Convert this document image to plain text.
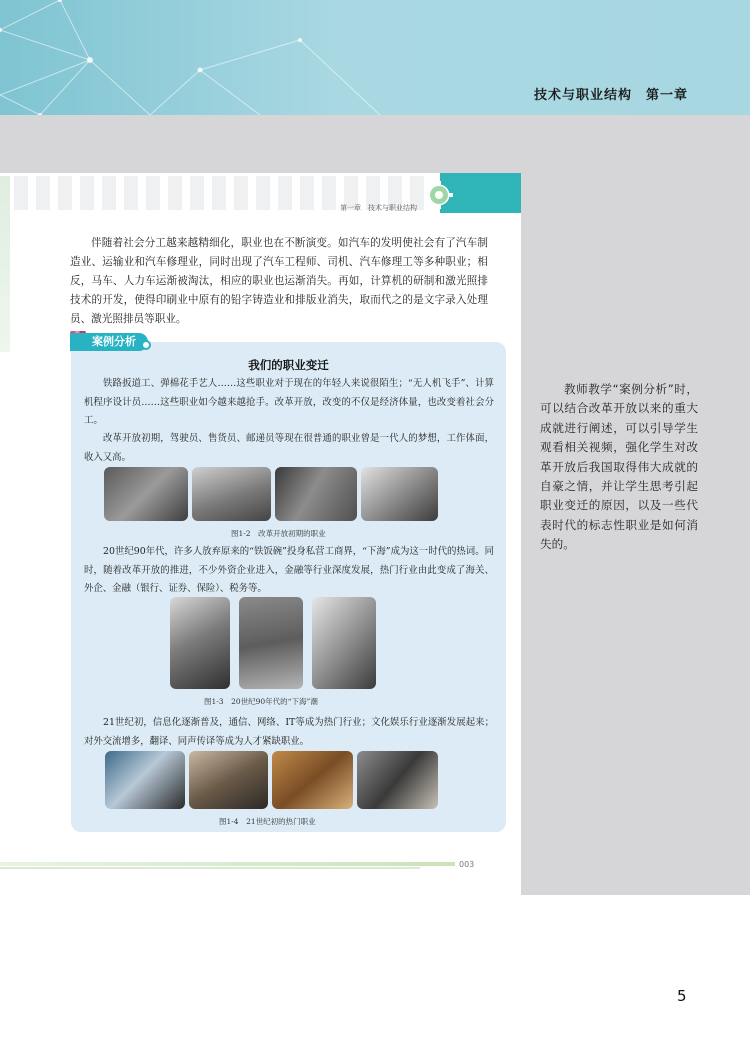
技术与职业结构　第一章
第一章　技术与职业结构
伴随着社会分工越来越精细化，职业也在不断演变。如汽车的发明使社会有了汽车制造业、运输业和汽车修理业，同时出现了汽车工程师、司机、汽车修理工等多种职业；相反，马车、人力车运渐被淘汰，相应的职业也运渐消失。再如，计算机的研制和激光照排技术的开发，使得印刷业中原有的铅字铸造业和排版业消失，取而代之的是文字录入处理员、激光照排员等职业。
案例分析
我们的职业变迁
铁路扳道工、弹棉花手艺人……这些职业对于现在的年轻人来说很陌生；“无人机飞手”、计算机程序设计员……这些职业如今越来越抢手。改革开放，改变的不仅是经济体量，也改变着社会分工。
改革开放初期，驾驶员、售货员、邮递员等现在很普通的职业曾是一代人的梦想，工作体面，收入又高。
图1-2　改革开放初期的职业
20世纪90年代，许多人放弃原来的“铁饭碗”投身私营工商界，“下海”成为这一时代的热词。同时，随着改革开放的推进，不少外资企业进入，金融等行业深度发展，热门行业由此变成了海关、外企、金融（银行、证券、保险）、税务等。
图1-3　20世纪90年代的“下海”潮
21世纪初，信息化逐渐普及，通信、网络、IT等成为热门行业；文化娱乐行业逐渐发展起来；对外交流增多，翻译、同声传译等成为人才紧缺职业。
图1-4　21世纪初的热门职业
003
教师教学“案例分析”时，可以结合改革开放以来的重大成就进行阐述，可以引导学生观看相关视频，强化学生对改革开放后我国取得伟大成就的自豪之情，并让学生思考引起职业变迁的原因，以及一些代表时代的标志性职业是如何消失的。
5
